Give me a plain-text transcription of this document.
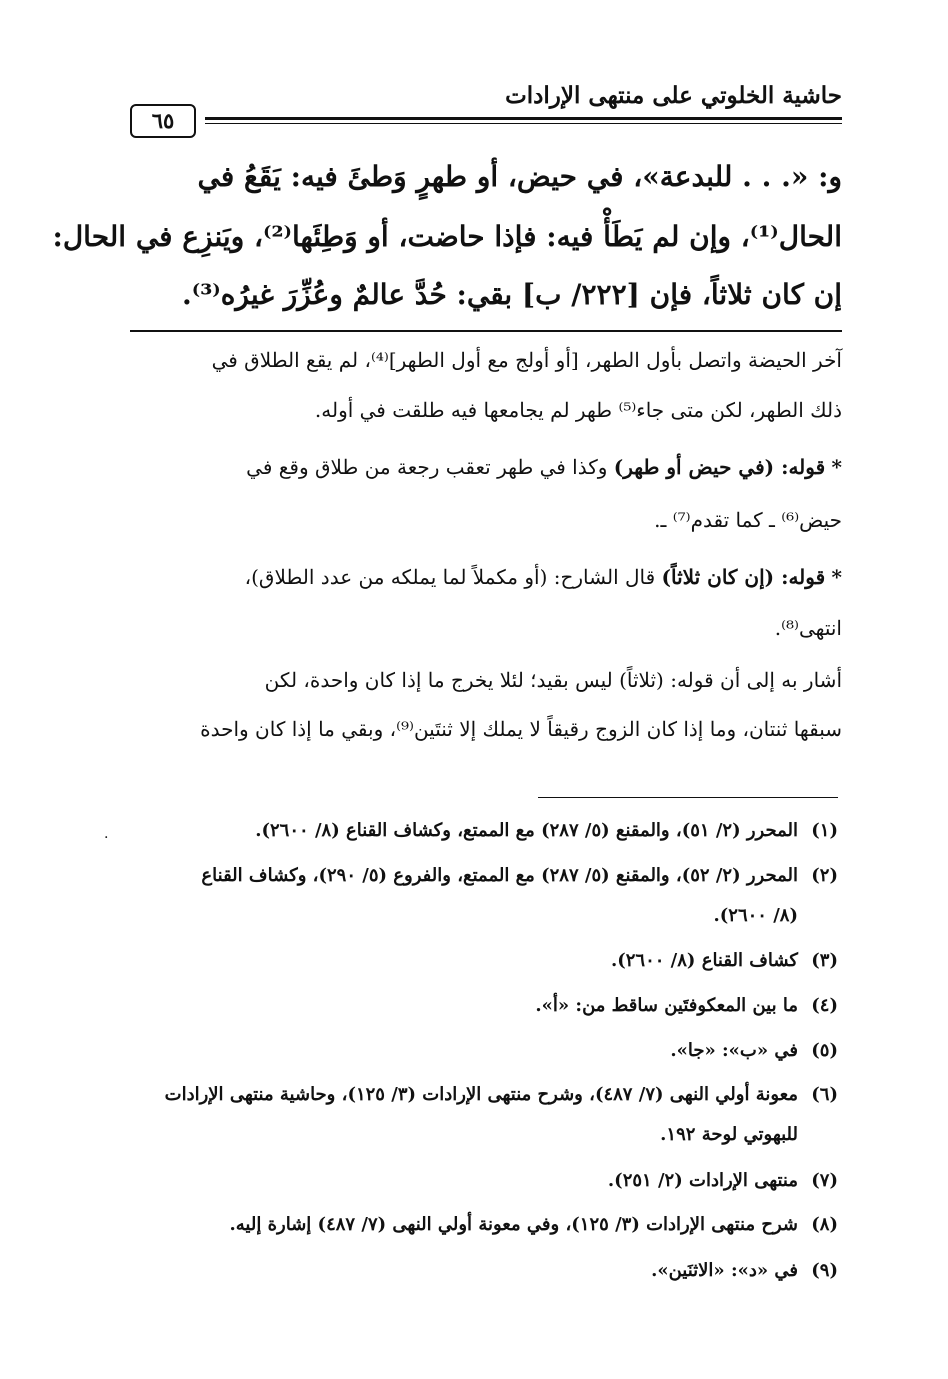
حاشية الخلوتي على منتهى الإرادات
٦٥
و: «. . . للبدعة»، في حيض، أو طهرٍ وَطئَ فيه: يَقَعُ في
الحال⁽¹⁾، وإن لم يَطَأْ فيه: فإذا حاضت، أو وَطِئَها⁽²⁾، ويَنزِع في الحال:
إن كان ثلاثاً، فإن [٢٢٢/ ب] بقي: حُدَّ عالمٌ وعُزِّرَ غيرُه⁽³⁾.
آخر الحيضة واتصل بأول الطهر، [أو أولج مع أول الطهر]⁽⁴⁾، لم يقع الطلاق في
ذلك الطهر، لكن متى جاء⁽⁵⁾ طهر لم يجامعها فيه طلقت في أوله.
* قوله: (في حيض أو طهر) وكذا في طهر تعقب رجعة من طلاق وقع في
حيض⁽⁶⁾ ـ كما تقدم⁽⁷⁾ ـ.
* قوله: (إن كان ثلاثاً) قال الشارح: (أو مكملاً لما يملكه من عدد الطلاق)،
انتهى⁽⁸⁾.
أشار به إلى أن قوله: (ثلاثاً) ليس بقيد؛ لئلا يخرج ما إذا كان واحدة، لكن
سبقها ثنتان، وما إذا كان الزوج رقيقاً لا يملك إلا ثنتَين⁽⁹⁾، وبقي ما إذا كان واحدة
.	(١)المحرر (٢/ ٥١)، والمقنع (٥/ ٢٨٧) مع الممتع، وكشاف القناع (٨/ ٢٦٠٠).
(٢)المحرر (٢/ ٥٢)، والمقنع (٥/ ٢٨٧) مع الممتع، والفروع (٥/ ٢٩٠)، وكشاف القناع
(٨/ ٢٦٠٠).
(٣)كشاف القناع (٨/ ٢٦٠٠).
(٤)ما بين المعكوفتَين ساقط من: «أ».
(٥)في «ب»: «جا».
(٦)معونة أولي النهى (٧/ ٤٨٧)، وشرح منتهى الإرادات (٣/ ١٢٥)، وحاشية منتهى الإرادات
للبهوتي لوحة ١٩٢.
(٧)منتهى الإرادات (٢/ ٢٥١).
(٨)شرح منتهى الإرادات (٣/ ١٢٥)، وفي معونة أولي النهى (٧/ ٤٨٧) إشارة إليه.
(٩)في «د»: «الاثنَين».
